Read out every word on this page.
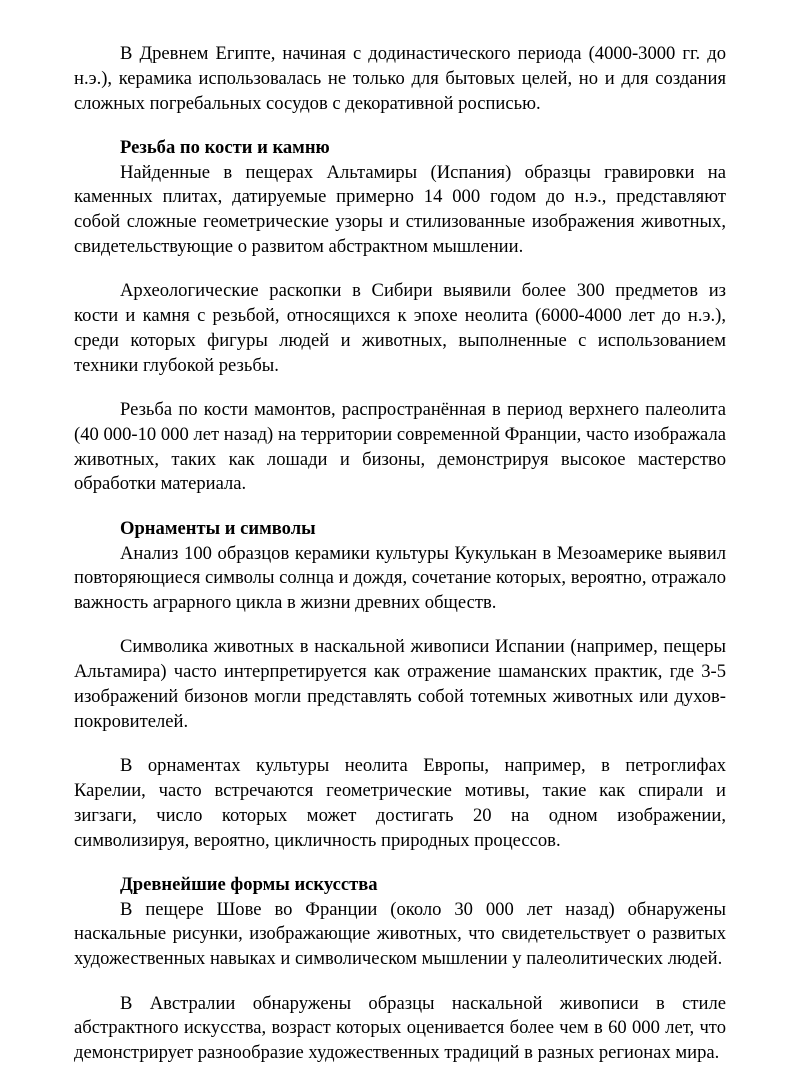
В Древнем Египте, начиная с додинастического периода (4000-3000 гг. до н.э.), керамика использовалась не только для бытовых целей, но и для создания сложных погребальных сосудов с декоративной росписью.

Резьба по кости и камню

Найденные в пещерах Альтамиры (Испания) образцы гравировки на каменных плитах, датируемые примерно 14 000 годом до н.э., представляют собой сложные геометрические узоры и стилизованные изображения животных, свидетельствующие о развитом абстрактном мышлении.

Археологические раскопки в Сибири выявили более 300 предметов из кости и камня с резьбой, относящихся к эпохе неолита (6000-4000 лет до н.э.), среди которых фигуры людей и животных, выполненные с использованием техники глубокой резьбы.

Резьба по кости мамонтов, распространённая в период верхнего палеолита (40 000-10 000 лет назад) на территории современной Франции, часто изображала животных, таких как лошади и бизоны, демонстрируя высокое мастерство обработки материала.

Орнаменты и символы

Анализ 100 образцов керамики культуры Кукулькан в Мезоамерике выявил повторяющиеся символы солнца и дождя, сочетание которых, вероятно, отражало важность аграрного цикла в жизни древних обществ.

Символика животных в наскальной живописи Испании (например, пещеры Альтамира) часто интерпретируется как отражение шаманских практик, где 3-5 изображений бизонов могли представлять собой тотемных животных или духов-покровителей.

В орнаментах культуры неолита Европы, например, в петроглифах Карелии, часто встречаются геометрические мотивы, такие как спирали и зигзаги, число которых может достигать 20 на одном изображении, символизируя, вероятно, цикличность природных процессов.

Древнейшие формы искусства

В пещере Шове во Франции (около 30 000 лет назад) обнаружены наскальные рисунки, изображающие животных, что свидетельствует о развитых художественных навыках и символическом мышлении у палеолитических людей.

В Австралии обнаружены образцы наскальной живописи в стиле абстрактного искусства, возраст которых оценивается более чем в 60 000 лет, что демонстрирует разнообразие художественных традиций в разных регионах мира.
